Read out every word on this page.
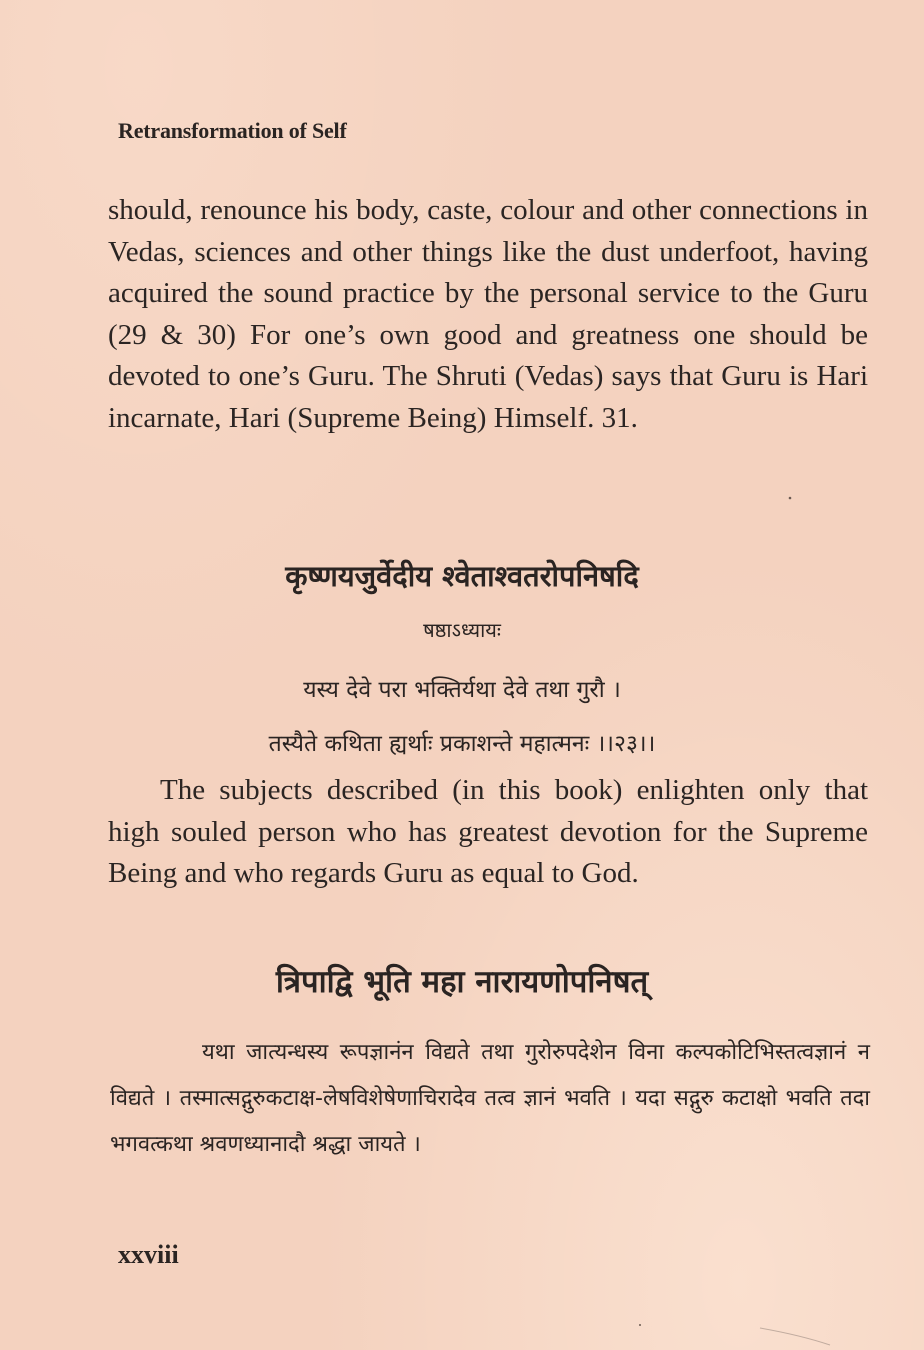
Retransformation of Self

should, renounce his body, caste, colour and other connections in Vedas, sciences and other things like the dust underfoot, having acquired the sound practice by the personal service to the Guru (29 & 30) For one’s own good and greatness one should be devoted to one’s Guru. The Shruti (Vedas) says that Guru is Hari incarnate, Hari (Supreme Being) Himself. 31.

कृष्णयजुर्वेदीय श्वेताश्वतरोपनिषदि

षष्ठाऽध्यायः

यस्य देवे परा भक्तिर्यथा देवे तथा गुरौ ।

तस्यैते कथिता ह्यर्थाः प्रकाशन्ते महात्मनः ।।२३।।

The subjects described (in this book) enlighten only that high souled person who has greatest devotion for the Supreme Being and who regards Guru as equal to God.

त्रिपाद्वि भूति महा नारायणोपनिषत्

यथा जात्यन्धस्य रूपज्ञानंन विद्यते तथा गुरोरुपदेशेन विना कल्पकोटिभिस्तत्वज्ञानं न विद्यते । तस्मात्सद्गुरुकटाक्ष-लेषविशेषेणाचिरादेव तत्व ज्ञानं भवति । यदा सद्गुरु कटाक्षो भवति तदा भगवत्कथा श्रवणध्यानादौ श्रद्धा जायते ।

xxviii
